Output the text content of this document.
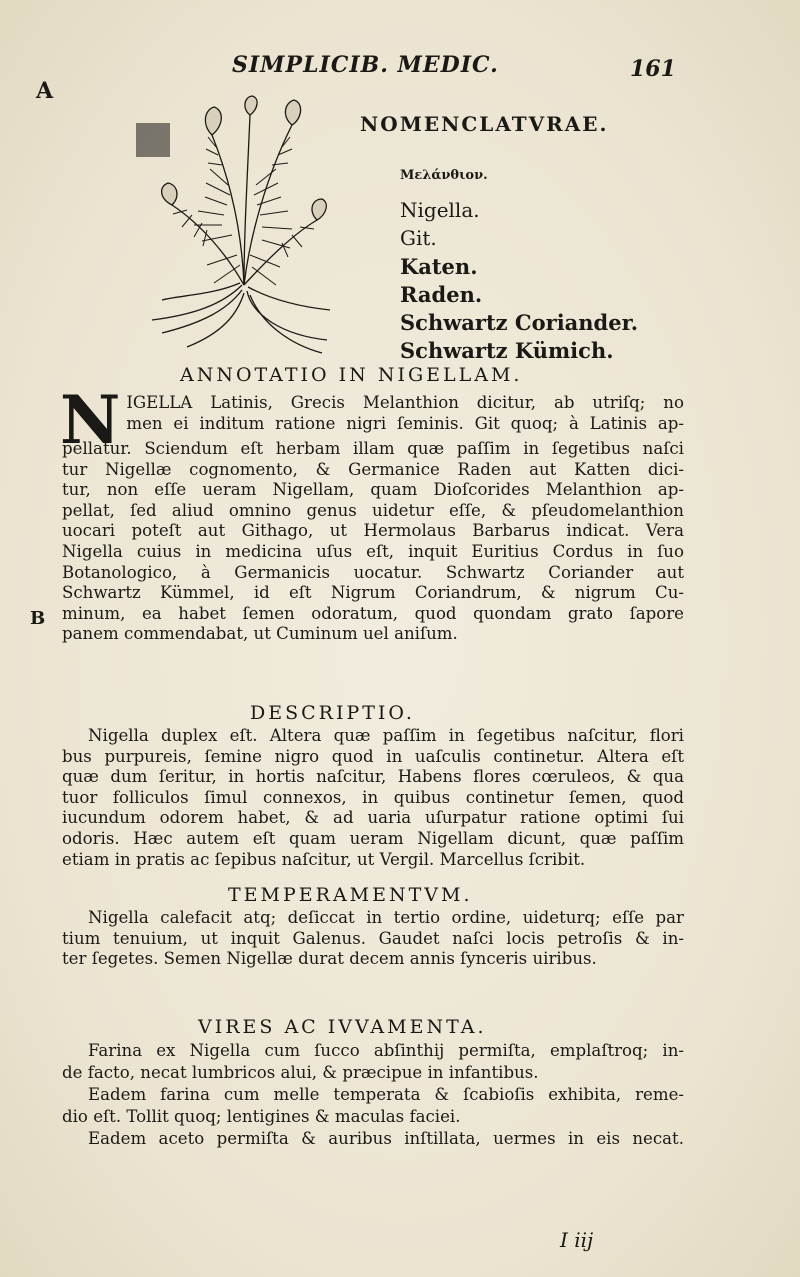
SIMPLICIB. MEDIC.	161
A
B
NOMENCLATVRAE.
Μελάνθιον.
Nigella.
Git.
Katen.
Raden.
Schwartz Coriander.
Schwartz Kümich.
ANNOTATIO IN NIGELLAM.
N IGELLA Latinis, Grecis Melanthion dicitur, ab utriſq; no
men ei inditum ratione nigri ſeminis. Git quoq; à Latinis ap-
pellatur. Sciendum eſt herbam illam quæ paſſim in ſegetibus naſci
tur Nigellæ cognomento, & Germanice Raden aut Katten dici-
tur, non eſſe ueram Nigellam, quam Dioſcorides Melanthion ap-
pellat, ſed aliud omnino genus uidetur eſſe, & pſeudomelanthion
uocari poteſt aut Githago, ut Hermolaus Barbarus indicat. Vera
Nigella cuius in medicina uſus eſt, inquit Euritius Cordus in ſuo
Botanologico, à Germanicis uocatur. Schwartz Coriander aut
Schwartz Kümmel, id eſt Nigrum Coriandrum, & nigrum Cu-
minum, ea habet ſemen odoratum, quod quondam grato ſapore
panem commendabat, ut Cuminum uel aniſum.
DESCRIPTIO.
Nigella duplex eſt. Altera quæ paſſim in ſegetibus naſcitur, flori
bus purpureis, ſemine nigro quod in uaſculis continetur. Altera eſt
quæ dum ſeritur, in hortis naſcitur, Habens flores cœruleos, & qua
tuor folliculos ſimul connexos, in quibus continetur ſemen, quod
iucundum odorem habet, & ad uaria uſurpatur ratione optimi ſui
odoris. Hæc autem eſt quam ueram Nigellam dicunt, quæ paſſim
etiam in pratis ac ſepibus naſcitur, ut Vergil. Marcellus ſcribit.
TEMPERAMENTVM.
Nigella calefacit atq; deſiccat in tertio ordine, uideturq; eſſe par
tium tenuium, ut inquit Galenus. Gaudet naſci locis petroſis & in-
ter ſegetes. Semen Nigellæ durat decem annis ſynceris uiribus.
VIRES AC IVVAMENTA.
Farina ex Nigella cum ſucco abſinthij permiſta, emplaſtroq; in-
de facto, necat lumbricos alui, & præcipue in infantibus.
Eadem farina cum melle temperata & ſcabioſis exhibita, reme-
dio eſt. Tollit quoq; lentigines & maculas faciei.
Eadem aceto permiſta & auribus inſtillata, uermes in eis necat.
I iij
